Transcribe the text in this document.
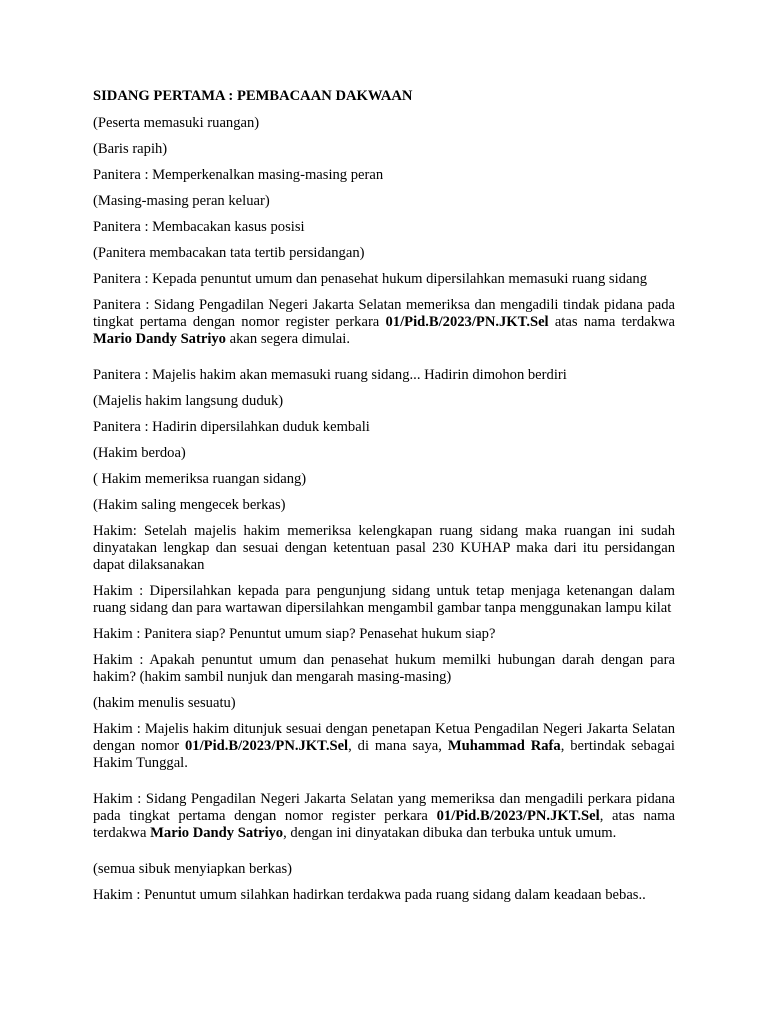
SIDANG PERTAMA : PEMBACAAN DAKWAAN

(Peserta memasuki ruangan)

(Baris rapih)

Panitera : Memperkenalkan masing-masing peran

(Masing-masing peran keluar)

Panitera : Membacakan kasus posisi

(Panitera membacakan tata tertib persidangan)

Panitera : Kepada penuntut umum dan penasehat hukum dipersilahkan memasuki ruang sidang

Panitera : Sidang Pengadilan Negeri Jakarta Selatan memeriksa dan mengadili tindak pidana pada tingkat pertama dengan nomor register perkara 01/Pid.B/2023/PN.JKT.Sel atas nama terdakwa Mario Dandy Satriyo akan segera dimulai.

Panitera : Majelis hakim akan memasuki ruang sidang... Hadirin dimohon berdiri

(Majelis hakim langsung duduk)

Panitera : Hadirin dipersilahkan duduk kembali

(Hakim berdoa)

( Hakim memeriksa ruangan sidang)

(Hakim saling mengecek berkas)

Hakim: Setelah majelis hakim memeriksa kelengkapan ruang sidang maka ruangan ini sudah dinyatakan lengkap dan sesuai dengan ketentuan pasal 230 KUHAP maka dari itu persidangan dapat dilaksanakan

Hakim : Dipersilahkan kepada para pengunjung sidang untuk tetap menjaga ketenangan dalam ruang sidang dan para wartawan dipersilahkan mengambil gambar tanpa menggunakan lampu kilat

Hakim : Panitera siap? Penuntut umum siap? Penasehat hukum siap?

Hakim : Apakah penuntut umum dan penasehat hukum memilki hubungan darah dengan para hakim? (hakim sambil nunjuk dan mengarah masing-masing)

(hakim menulis sesuatu)

Hakim : Majelis hakim ditunjuk sesuai dengan penetapan Ketua Pengadilan Negeri Jakarta Selatan dengan nomor 01/Pid.B/2023/PN.JKT.Sel, di mana saya, Muhammad Rafa, bertindak sebagai Hakim Tunggal.

Hakim : Sidang Pengadilan Negeri Jakarta Selatan yang memeriksa dan mengadili perkara pidana pada tingkat pertama dengan nomor register perkara 01/Pid.B/2023/PN.JKT.Sel, atas nama terdakwa Mario Dandy Satriyo, dengan ini dinyatakan dibuka dan terbuka untuk umum.

(semua sibuk menyiapkan berkas)

Hakim : Penuntut umum silahkan hadirkan terdakwa pada ruang sidang dalam keadaan bebas..
